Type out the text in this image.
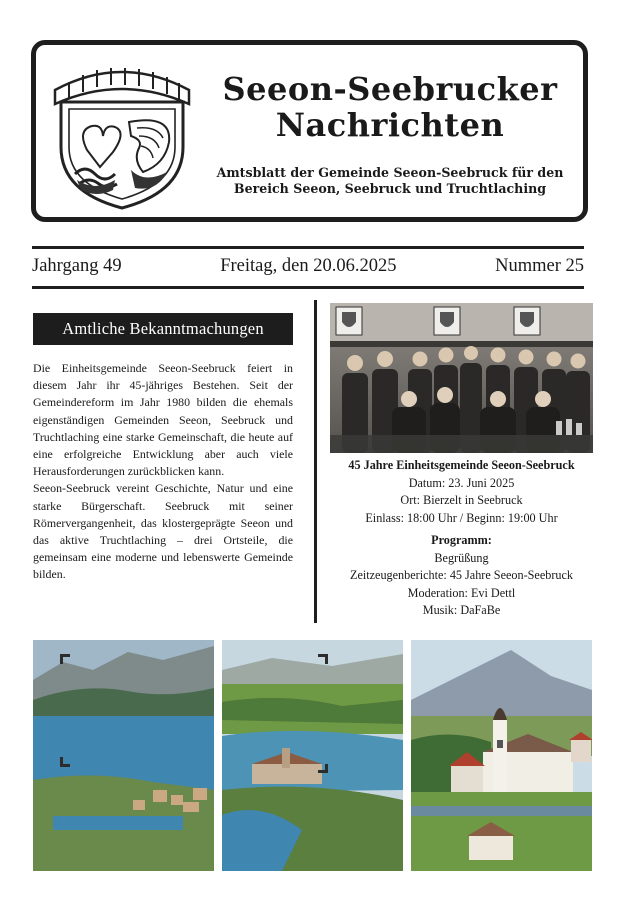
Seeon-Seebrucker
Nachrichten
Amtsblatt der Gemeinde Seeon-Seebruck für den
Bereich Seeon, Seebruck und Truchtlaching
Jahrgang 49	Freitag, den 20.06.2025	Nummer 25
Amtliche Bekanntmachungen

Die Einheitsgemeinde Seeon-Seebruck feiert in diesem Jahr ihr 45-jähriges Bestehen. Seit der Gemeindereform im Jahr 1980 bilden die ehemals eigenständigen Gemeinden Seeon, Seebruck und Truchtlaching eine starke Gemeinschaft, die heute auf eine erfolgreiche Entwicklung aber auch viele Herausforderungen zurückblicken kann.

Seeon-Seebruck vereint Geschichte, Natur und eine starke Bürgerschaft. Seebruck mit seiner Römervergangenheit, das klostergeprägte Seeon und das aktive Truchtlaching – drei Ortsteile, die gemeinsam eine moderne und lebenswerte Gemeinde bilden.

45 Jahre Einheitsgemeinde Seeon-Seebruck
Datum: 23. Juni 2025
Ort: Bierzelt in Seebruck
Einlass: 18:00 Uhr / Beginn: 19:00 Uhr
Programm:
Begrüßung
Zeitzeugenberichte: 45 Jahre Seeon-Seebruck
Moderation: Evi Dettl
Musik: DaFaBe
